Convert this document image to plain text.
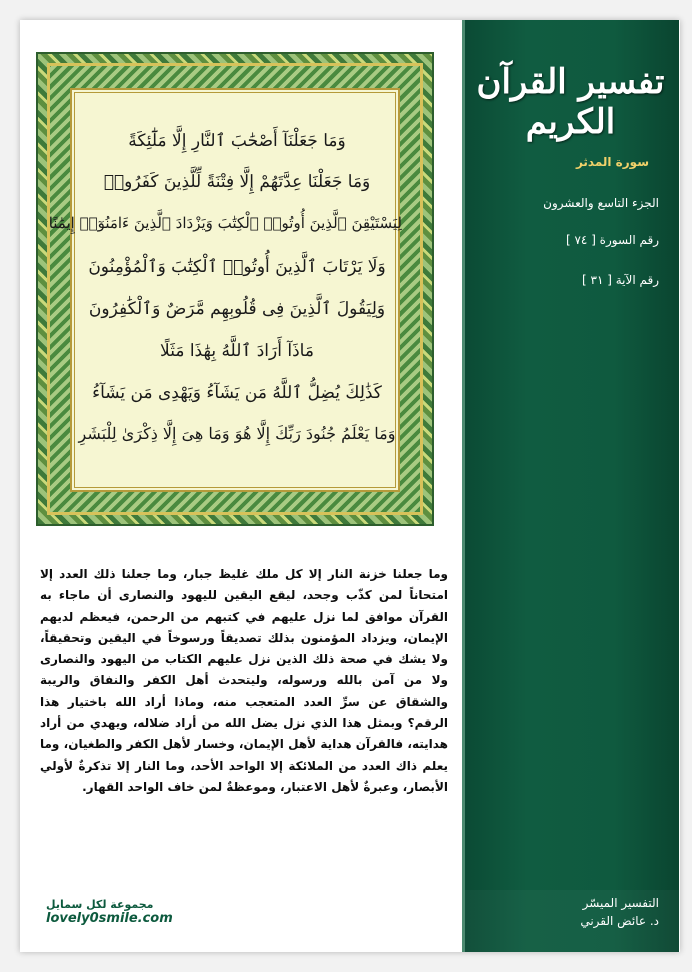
وَمَا جَعَلْنَآ أَصْحَٰبَ ٱلنَّارِ إِلَّا مَلَٰٓئِكَةً
وَمَا جَعَلْنَا عِدَّتَهُمْ إِلَّا فِتْنَةً لِّلَّذِينَ كَفَرُوا۟
لِيَسْتَيْقِنَ ٱلَّذِينَ أُوتُوا۟ ٱلْكِتَٰبَ وَيَزْدَادَ ٱلَّذِينَ ءَامَنُوٓا۟ إِيمَٰنًا
وَلَا يَرْتَابَ ٱلَّذِينَ أُوتُوا۟ ٱلْكِتَٰبَ وَٱلْمُؤْمِنُونَ
وَلِيَقُولَ ٱلَّذِينَ فِى قُلُوبِهِم مَّرَضٌ وَٱلْكَٰفِرُونَ
مَاذَآ أَرَادَ ٱللَّهُ بِهَٰذَا مَثَلًا
كَذَٰلِكَ يُضِلُّ ٱللَّهُ مَن يَشَآءُ وَيَهْدِى مَن يَشَآءُ
وَمَا يَعْلَمُ جُنُودَ رَبِّكَ إِلَّا هُوَ وَمَا هِىَ إِلَّا ذِكْرَىٰ لِلْبَشَرِ
وما جعلنا خزنة النار إلا كل ملك غليظ جبار، وما جعلنا ذلك العدد إلا امتحاناً لمن كذّب وجحد، ليقع اليقين لليهود والنصارى أن ماجاء به القرآن موافق لما نزل عليهم في كتبهم من الرحمن، فيعظم لديهم الإيمان، ويزداد المؤمنون بذلك تصديقاً ورسوخاً في اليقين وتحقيقاً، ولا يشك في صحة ذلك الذين نزل عليهم الكتاب من اليهود والنصارى ولا من آمن بالله ورسوله، وليتحدث أهل الكفر والنفاق والريبة والشقاق عن سرِّ العدد المتعجب منه، وماذا أراد الله باختيار هذا الرقم؟ وبمثل هذا الذي نزل يضل الله من أراد ضلاله، ويهدي من أراد هدايته، فالقرآن هداية لأهل الإيمان، وخسار لأهل الكفر والطغيان، وما يعلم ذاك العدد من الملائكة إلا الواحد الأحد، وما النار إلا تذكرةٌ لأولي الأبصار، وعبرةٌ لأهل الاعتبار، وموعظةٌ لمن خاف الواحد القهار.
مجموعة لكل سمايل
lovely0smile.com
تفسير القرآن الكريم
سورة المدثر
الجزء التاسع والعشرون
رقم السورة [ ٧٤ ]
رقم الآية [ ٣١ ]
التفسير الميسّر
د. عائض القرني
